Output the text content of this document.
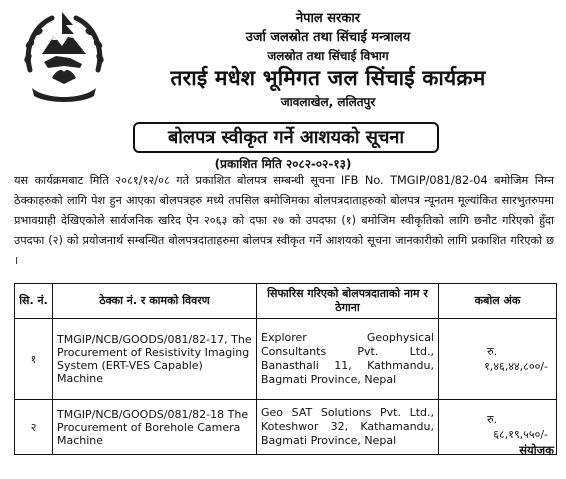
नेपाल सरकार
उर्जा जलस्रोत तथा सिंचाई मन्त्रालय
जलस्रोत तथा सिंचाई विभाग
तराई मधेश भूमिगत जल सिंचाई कार्यक्रम
जावलाखेल, ललितपुर
बोलपत्र स्वीकृत गर्ने आशयको सूचना
(प्रकाशित मिति २०८२-०२-१३)

यस कार्यक्रमबाट मिति २०८१/१२/०८ गते प्रकाशित बोलपत्र सम्बन्धी सूचना IFB No. TMGIP/081/82-04 बमोजिम निम्न ठेक्काहरुको लागि पेश हुन आएका बोलपत्रहरु मध्ये तपसिल बमोजिमका बोलपत्रदाताहरुको बोलपत्र न्यूनतम मूल्यांकित सारभुतरुपमा प्रभावग्राही देखिएकोले सार्वजनिक खरिद ऐन २०६३ को दफा २७ को उपदफा (१) बमोजिम स्वीकृतिको लागि छनौट गरिएको हुँदा उपदफा (२) को प्रयोजनार्थ सम्बन्धित बोलपत्रदाताहरुमा बोलपत्र स्वीकृत गर्ने आशयको सूचना जानकारीको लागि प्रकाशित गरिएको छ ।

सि. नं.	ठेक्का नं. र कामको विवरण	सिफारिस गरिएको बोलपत्रदाताको नाम र ठेगाना	कबोल अंक
१	TMGIP/NCB/GOODS/081/82-17, The Procurement of Resistivity Imaging System (ERT-VES Capable) Machine	Explorer Geophysical Consultants Pvt. Ltd., Banasthali 11, Kathmandu, Bagmati Province, Nepal	रु.
१,४६,४४,८००/-
२	TMGIP/NCB/GOODS/081/82-18 The Procurement of Borehole Camera Machine	Geo SAT Solutions Pvt. Ltd., Koteshwor 32, Kathamandu, Bagmati Province, Nepal	रु.
६८,१९,५५०/-
संयोजक
